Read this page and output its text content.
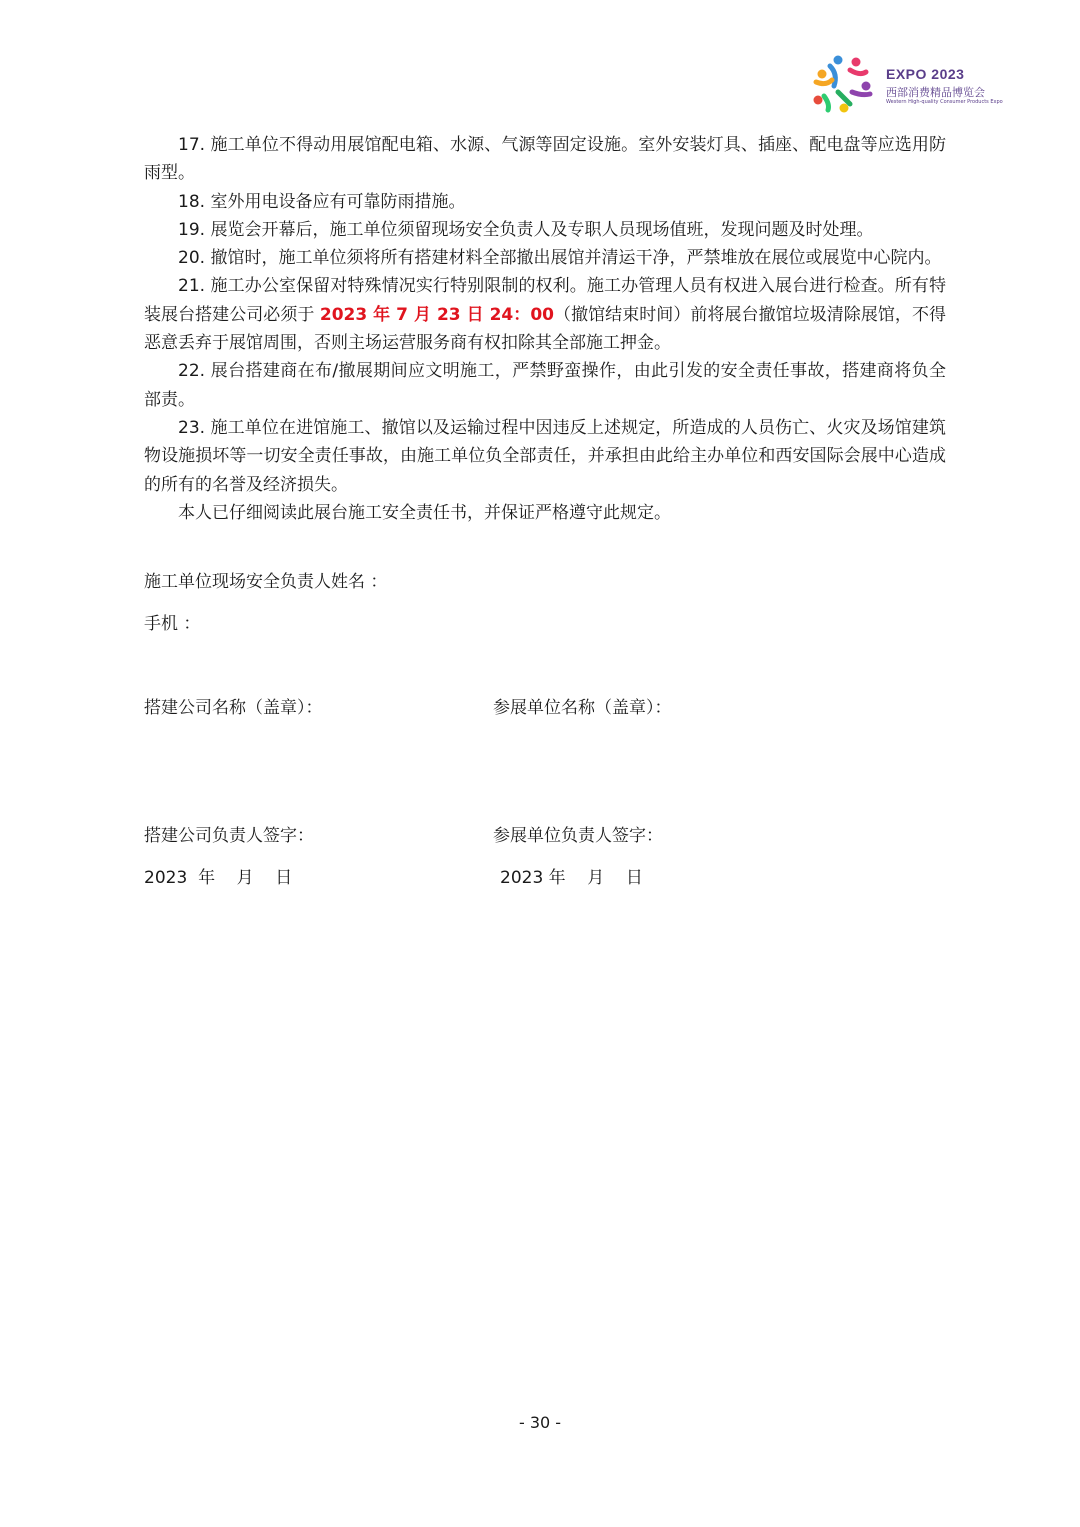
EXPO 2023
西部消费精品博览会
Western High-quality Consumer Products Expo

17. 施工单位不得动用展馆配电箱、水源、气源等固定设施。室外安装灯具、插座、配电盘等应选用防雨型。

18. 室外用电设备应有可靠防雨措施。

19. 展览会开幕后，施工单位须留现场安全负责人及专职人员现场值班，发现问题及时处理。

20. 撤馆时，施工单位须将所有搭建材料全部撤出展馆并清运干净，严禁堆放在展位或展览中心院内。

21. 施工办公室保留对特殊情况实行特别限制的权利。施工办管理人员有权进入展台进行检查。所有特装展台搭建公司必须于 2023 年 7 月 23 日 24：00（撤馆结束时间）前将展台撤馆垃圾清除展馆，不得恶意丢弃于展馆周围，否则主场运营服务商有权扣除其全部施工押金。

22. 展台搭建商在布/撤展期间应文明施工，严禁野蛮操作，由此引发的安全责任事故，搭建商将负全部责。

23. 施工单位在进馆施工、撤馆以及运输过程中因违反上述规定，所造成的人员伤亡、火灾及场馆建筑物设施损坏等一切安全责任事故，由施工单位负全部责任，并承担由此给主办单位和西安国际会展中心造成的所有的名誉及经济损失。

本人已仔细阅读此展台施工安全责任书，并保证严格遵守此规定。

施工单位现场安全负责人姓名 ：
手机 ：
搭建公司名称（盖章）：	参展单位名称（盖章）：
搭建公司负责人签字：	参展单位负责人签字：
2023  年    月    日	2023 年    月    日
- 30 -
